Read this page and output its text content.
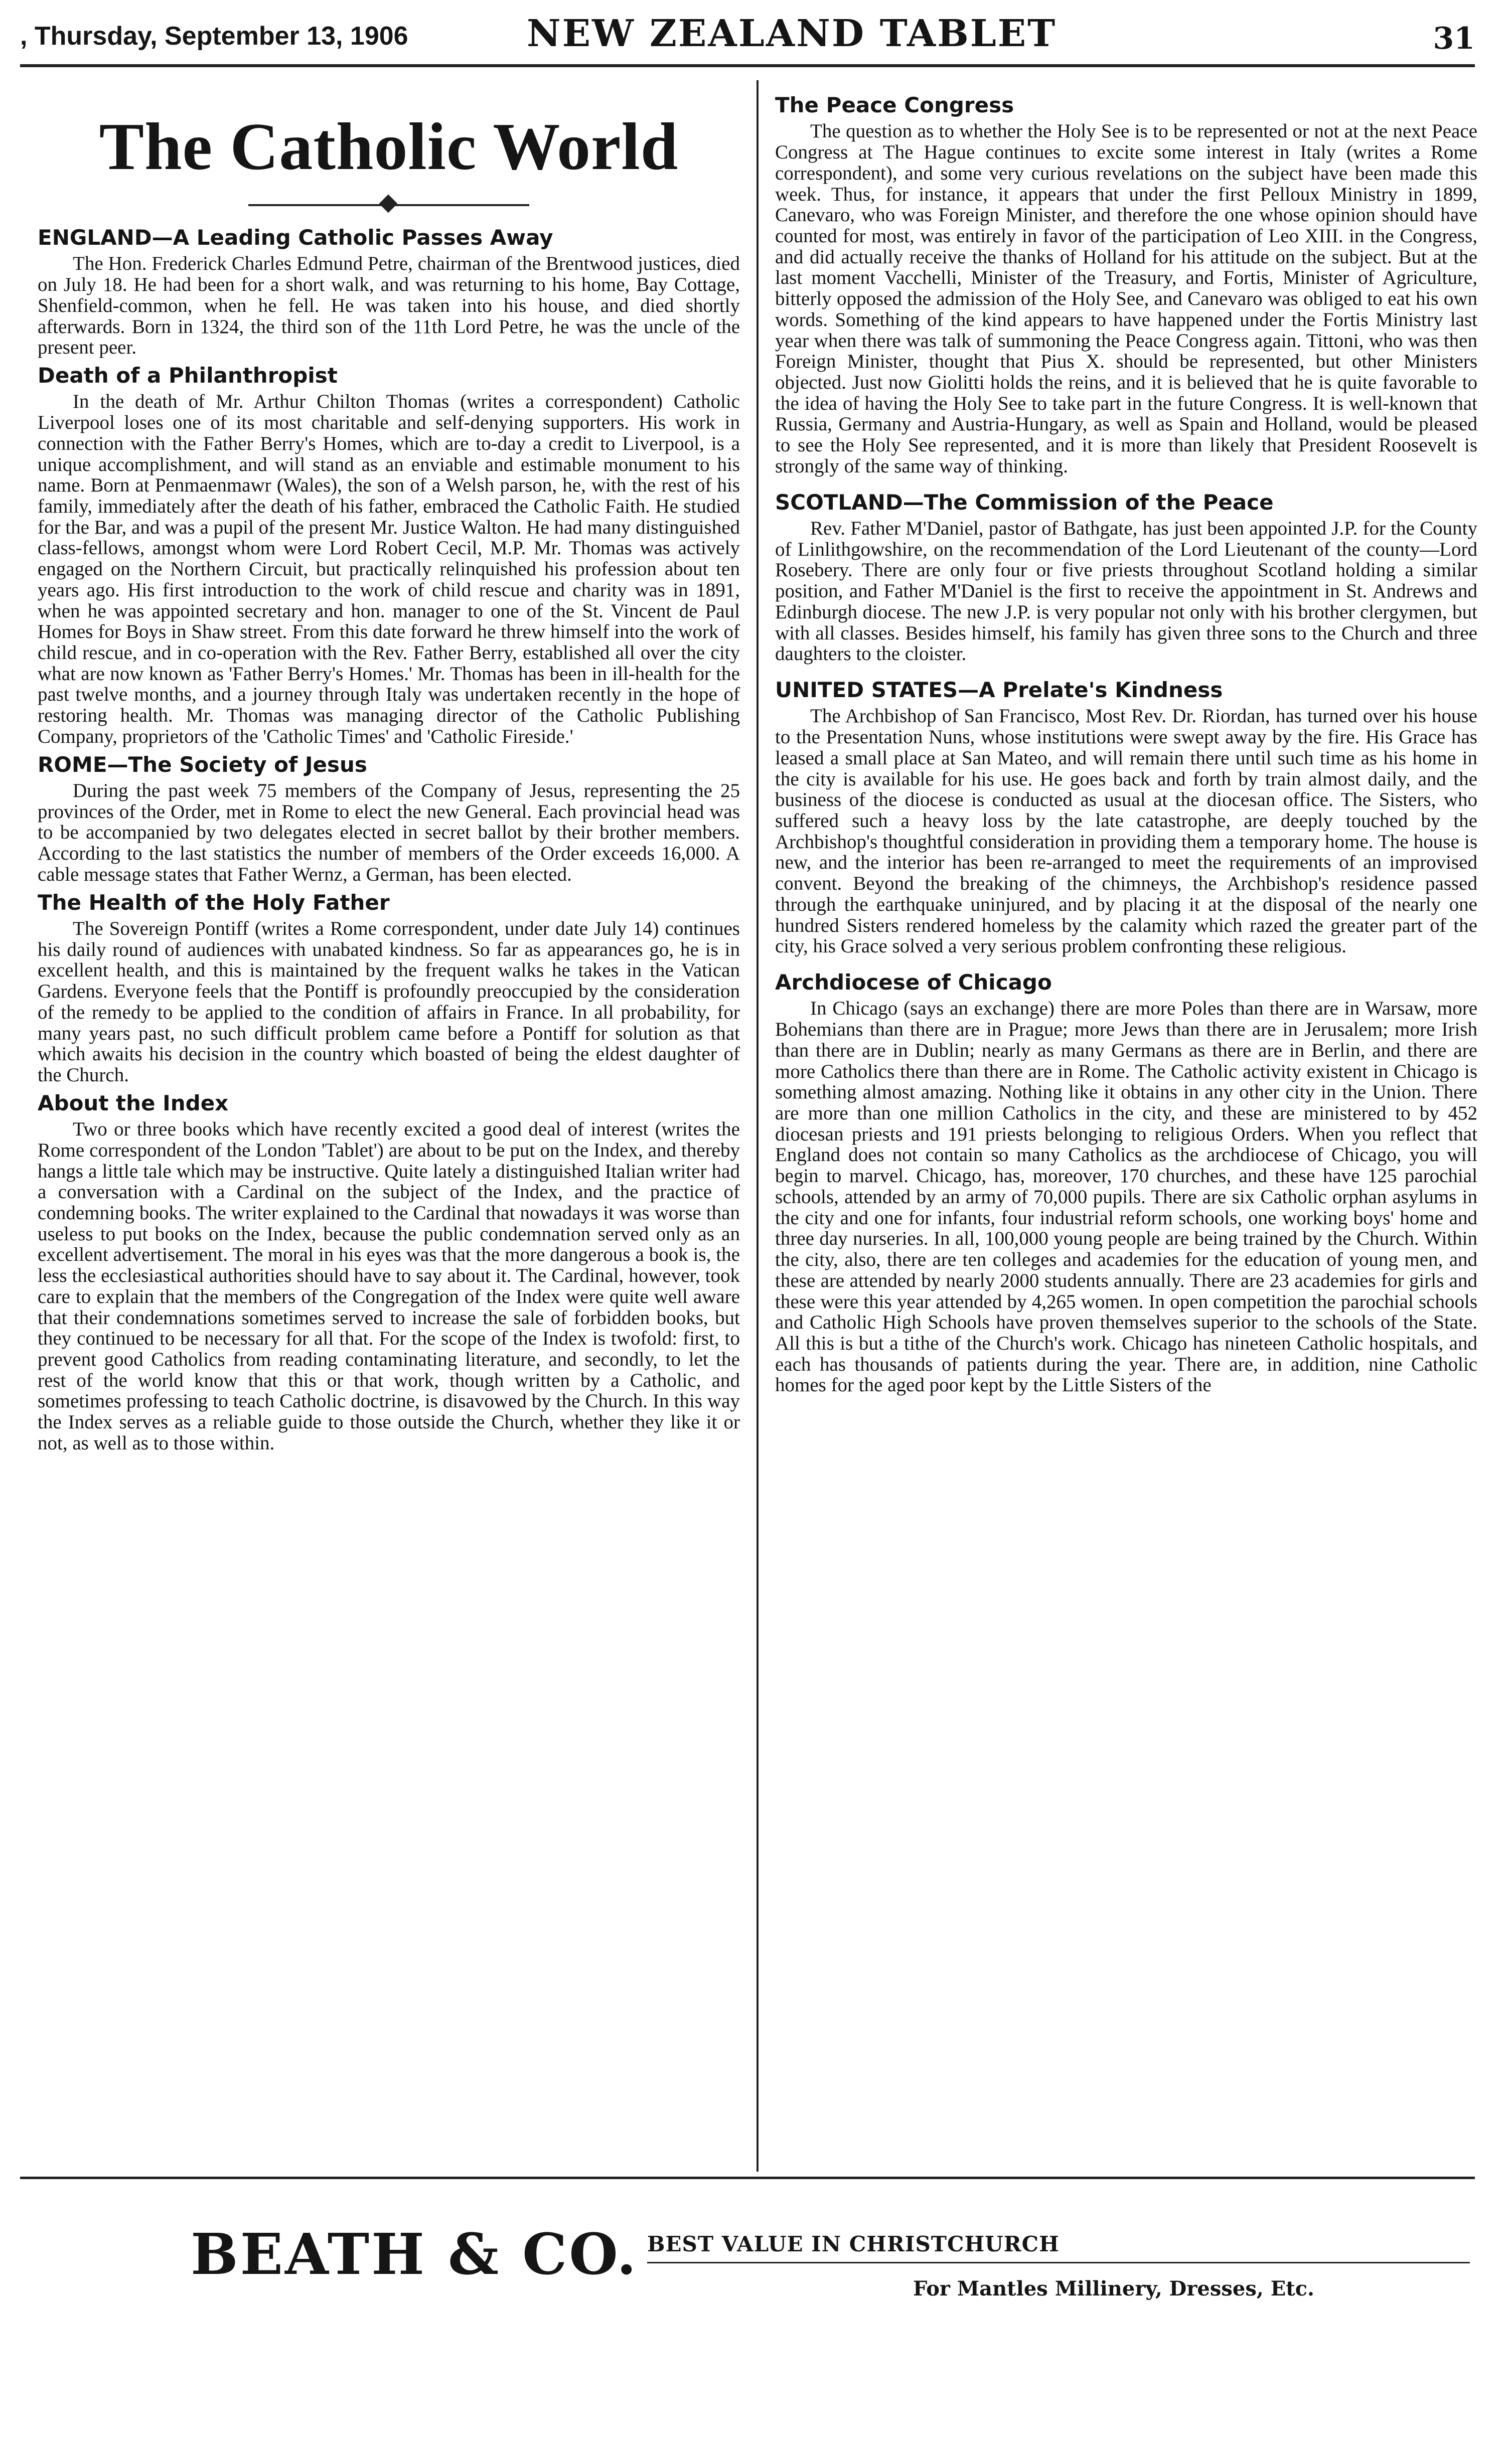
, Thursday, September 13, 1906	NEW ZEALAND TABLET	31
The Catholic World
ENGLAND—A Leading Catholic Passes Away

The Hon. Frederick Charles Edmund Petre, chairman of the Brentwood justices, died on July 18. He had been for a short walk, and was returning to his home, Bay Cottage, Shenfield-common, when he fell. He was taken into his house, and died shortly afterwards. Born in 1324, the third son of the 11th Lord Petre, he was the uncle of the present peer.

Death of a Philanthropist

In the death of Mr. Arthur Chilton Thomas (writes a correspondent) Catholic Liverpool loses one of its most charitable and self-denying supporters. His work in connection with the Father Berry's Homes, which are to-day a credit to Liverpool, is a unique accomplishment, and will stand as an enviable and estimable monument to his name. Born at Penmaenmawr (Wales), the son of a Welsh parson, he, with the rest of his family, immediately after the death of his father, embraced the Catholic Faith. He studied for the Bar, and was a pupil of the present Mr. Justice Walton. He had many distinguished class-fellows, amongst whom were Lord Robert Cecil, M.P. Mr. Thomas was actively engaged on the Northern Circuit, but practically relinquished his profession about ten years ago. His first introduction to the work of child rescue and charity was in 1891, when he was appointed secretary and hon. manager to one of the St. Vincent de Paul Homes for Boys in Shaw street. From this date forward he threw himself into the work of child rescue, and in co-operation with the Rev. Father Berry, established all over the city what are now known as 'Father Berry's Homes.' Mr. Thomas has been in ill-health for the past twelve months, and a journey through Italy was undertaken recently in the hope of restoring health. Mr. Thomas was managing director of the Catholic Publishing Company, proprietors of the 'Catholic Times' and 'Catholic Fireside.'

ROME—The Society of Jesus

During the past week 75 members of the Company of Jesus, representing the 25 provinces of the Order, met in Rome to elect the new General. Each provincial head was to be accompanied by two delegates elected in secret ballot by their brother members. According to the last statistics the number of members of the Order exceeds 16,000. A cable message states that Father Wernz, a German, has been elected.

The Health of the Holy Father

The Sovereign Pontiff (writes a Rome correspondent, under date July 14) continues his daily round of audiences with unabated kindness. So far as appearances go, he is in excellent health, and this is maintained by the frequent walks he takes in the Vatican Gardens. Everyone feels that the Pontiff is profoundly preoccupied by the consideration of the remedy to be applied to the condition of affairs in France. In all probability, for many years past, no such difficult problem came before a Pontiff for solution as that which awaits his decision in the country which boasted of being the eldest daughter of the Church.

About the Index

Two or three books which have recently excited a good deal of interest (writes the Rome correspondent of the London 'Tablet') are about to be put on the Index, and thereby hangs a little tale which may be instructive. Quite lately a distinguished Italian writer had a conversation with a Cardinal on the subject of the Index, and the practice of condemning books. The writer explained to the Cardinal that nowadays it was worse than useless to put books on the Index, because the public condemnation served only as an excellent advertisement. The moral in his eyes was that the more dangerous a book is, the less the ecclesiastical authorities should have to say about it. The Cardinal, however, took care to explain that the members of the Congregation of the Index were quite well aware that their condemnations sometimes served to increase the sale of forbidden books, but they continued to be necessary for all that. For the scope of the Index is twofold: first, to prevent good Catholics from reading contaminating literature, and secondly, to let the rest of the world know that this or that work, though written by a Catholic, and sometimes professing to teach Catholic doctrine, is disavowed by the Church. In this way the Index serves as a reliable guide to those outside the Church, whether they like it or not, as well as to those within.

The Peace Congress

The question as to whether the Holy See is to be represented or not at the next Peace Congress at The Hague continues to excite some interest in Italy (writes a Rome correspondent), and some very curious revelations on the subject have been made this week. Thus, for instance, it appears that under the first Pelloux Ministry in 1899, Canevaro, who was Foreign Minister, and therefore the one whose opinion should have counted for most, was entirely in favor of the participation of Leo XIII. in the Congress, and did actually receive the thanks of Holland for his attitude on the subject. But at the last moment Vacchelli, Minister of the Treasury, and Fortis, Minister of Agriculture, bitterly opposed the admission of the Holy See, and Canevaro was obliged to eat his own words. Something of the kind appears to have happened under the Fortis Ministry last year when there was talk of summoning the Peace Congress again. Tittoni, who was then Foreign Minister, thought that Pius X. should be represented, but other Ministers objected. Just now Giolitti holds the reins, and it is believed that he is quite favorable to the idea of having the Holy See to take part in the future Congress. It is well-known that Russia, Germany and Austria-Hungary, as well as Spain and Holland, would be pleased to see the Holy See represented, and it is more than likely that President Roosevelt is strongly of the same way of thinking.

SCOTLAND—The Commission of the Peace

Rev. Father M'Daniel, pastor of Bathgate, has just been appointed J.P. for the County of Linlithgowshire, on the recommendation of the Lord Lieutenant of the county—Lord Rosebery. There are only four or five priests throughout Scotland holding a similar position, and Father M'Daniel is the first to receive the appointment in St. Andrews and Edinburgh diocese. The new J.P. is very popular not only with his brother clergymen, but with all classes. Besides himself, his family has given three sons to the Church and three daughters to the cloister.

UNITED STATES—A Prelate's Kindness

The Archbishop of San Francisco, Most Rev. Dr. Riordan, has turned over his house to the Presentation Nuns, whose institutions were swept away by the fire. His Grace has leased a small place at San Mateo, and will remain there until such time as his home in the city is available for his use. He goes back and forth by train almost daily, and the business of the diocese is conducted as usual at the diocesan office. The Sisters, who suffered such a heavy loss by the late catastrophe, are deeply touched by the Archbishop's thoughtful consideration in providing them a temporary home. The house is new, and the interior has been re-arranged to meet the requirements of an improvised convent. Beyond the breaking of the chimneys, the Archbishop's residence passed through the earthquake uninjured, and by placing it at the disposal of the nearly one hundred Sisters rendered homeless by the calamity which razed the greater part of the city, his Grace solved a very serious problem confronting these religious.

Archdiocese of Chicago

In Chicago (says an exchange) there are more Poles than there are in Warsaw, more Bohemians than there are in Prague; more Jews than there are in Jerusalem; more Irish than there are in Dublin; nearly as many Germans as there are in Berlin, and there are more Catholics there than there are in Rome. The Catholic activity existent in Chicago is something almost amazing. Nothing like it obtains in any other city in the Union. There are more than one million Catholics in the city, and these are ministered to by 452 diocesan priests and 191 priests belonging to religious Orders. When you reflect that England does not contain so many Catholics as the archdiocese of Chicago, you will begin to marvel. Chicago, has, moreover, 170 churches, and these have 125 parochial schools, attended by an army of 70,000 pupils. There are six Catholic orphan asylums in the city and one for infants, four industrial reform schools, one working boys' home and three day nurseries. In all, 100,000 young people are being trained by the Church. Within the city, also, there are ten colleges and academies for the education of young men, and these are attended by nearly 2000 students annually. There are 23 academies for girls and these were this year attended by 4,265 women. In open competition the parochial schools and Catholic High Schools have proven themselves superior to the schools of the State. All this is but a tithe of the Church's work. Chicago has nineteen Catholic hospitals, and each has thousands of patients during the year. There are, in addition, nine Catholic homes for the aged poor kept by the Little Sisters of the

BEATH & CO. BEST VALUE IN CHRISTCHURCH
For Mantles Millinery, Dresses, Etc.
